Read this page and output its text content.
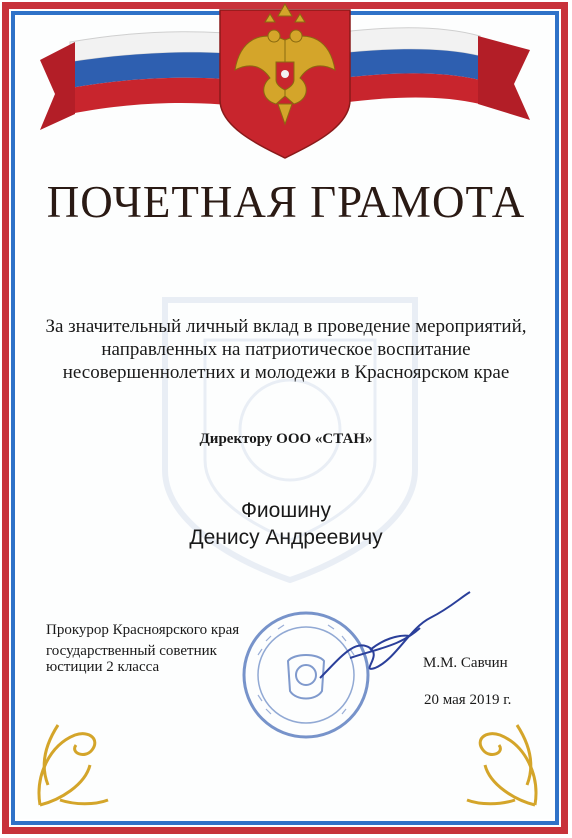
ПОЧЕТНАЯ ГРАМОТА
За значительный личный вклад в проведение мероприятий,
направленных на патриотическое воспитание
несовершеннолетних и молодежи в Красноярском крае
Директору ООО «СТАН»
Фиошину
Денису Андреевичу
Прокурор Красноярского края
государственный советник
юстиции 2 класса	М.М. Савчин
20 мая 2019 г.
